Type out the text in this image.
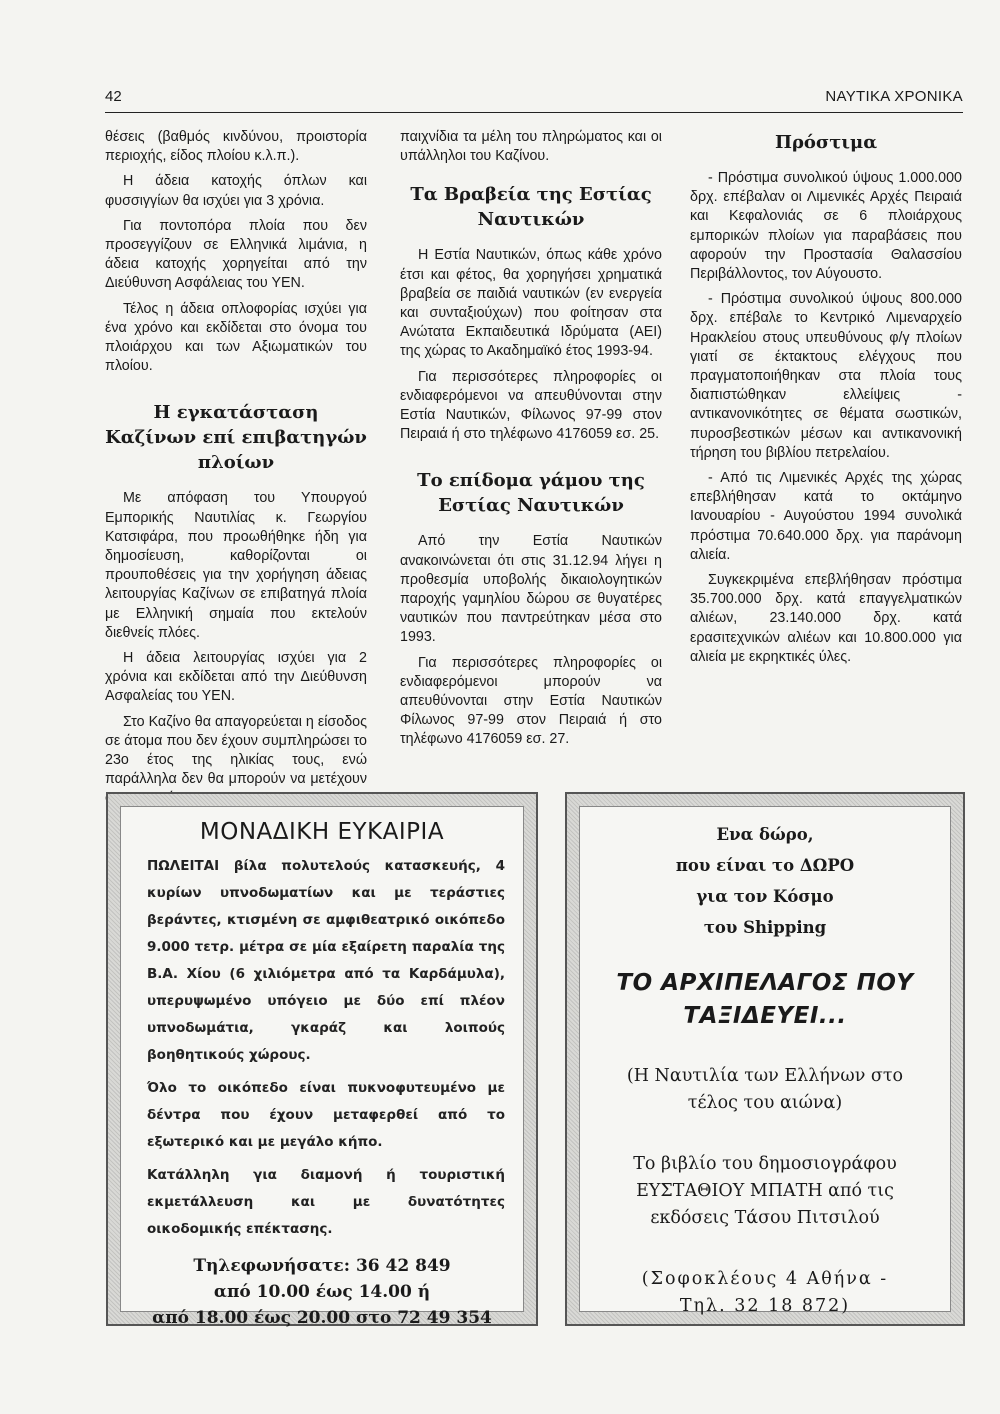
42	ΝΑΥΤΙΚΑ ΧΡΟΝΙΚΑ

θέσεις (βαθμός κινδύνου, προιστορία περιοχής, είδος πλοίου κ.λ.π.).

Η άδεια κατοχής όπλων και φυσσιγγίων θα ισχύει για 3 χρόνια.

Για ποντοπόρα πλοία που δεν προσεγγίζουν σε Ελληνικά λιμάνια, η άδεια κατοχής χορηγείται από την Διεύθυνση Ασφάλειας του ΥΕΝ.

Τέλος η άδεια οπλοφορίας ισχύει για ένα χρόνο και εκδίδεται στο όνομα του πλοιάρχου και των Αξιωματικών του πλοίου.

Η εγκατάσταση Καζίνων επί επιβατηγών πλοίων

Με απόφαση του Υπουργού Εμπορικής Ναυτιλίας κ. Γεωργίου Κατσιφάρα, που προωθήθηκε ήδη για δημοσίευση, καθορίζονται οι προυποθέσεις για την χορήγηση άδειας λειτουργίας Καζίνων σε επιβατηγά πλοία με Ελληνική σημαία που εκτελούν διεθνείς πλόες.

Η άδεια λειτουργίας ισχύει για 2 χρόνια και εκδίδεται από την Διεύθυνση Ασφαλείας του ΥΕΝ.

Στο Καζίνο θα απαγορεύεται η είσοδος σε άτομα που δεν έχουν συμπληρώσει το 23ο έτος της ηλικίας τους, ενώ παράλληλα δεν θα μπορούν να μετέχουν

παιχνίδια τα μέλη του πληρώματος και οι υπάλληλοι του Καζίνου.

Τα Βραβεία της Εστίας Ναυτικών

Η Εστία Ναυτικών, όπως κάθε χρόνο έτσι και φέτος, θα χορηγήσει χρηματικά βραβεία σε παιδιά ναυτικών (εν ενεργεία και συνταξιούχων) που φοίτησαν στα Ανώτατα Εκπαιδευτικά Ιδρύματα (ΑΕΙ) της χώρας το Ακαδημαϊκό έτος 1993-94.

Για περισσότερες πληροφορίες οι ενδιαφερόμενοι να απευθύνονται στην Εστία Ναυτικών, Φίλωνος 97-99 στον Πειραιά ή στο τηλέφωνο 4176059 εσ. 25.

Το επίδομα γάμου της Εστίας Ναυτικών

Από την Εστία Ναυτικών ανακοινώνεται ότι στις 31.12.94 λήγει η προθεσμία υποβολής δικαιολογητικών παροχής γαμηλίου δώρου σε θυγατέρες ναυτικών που παντρεύτηκαν μέσα στο 1993.

Για περισσότερες πληροφορίες οι ενδιαφερόμενοι μπορούν να απευθύνονται στην Εστία Ναυτικών Φίλωνος 97-99 στον Πειραιά ή στο τηλέφωνο 4176059 εσ. 27.

Πρόστιμα

- Πρόστιμα συνολικού ύψους 1.000.000 δρχ. επέβαλαν οι Λιμενικές Αρχές Πειραιά και Κεφαλονιάς σε 6 πλοιάρχους εμπορικών πλοίων για παραβάσεις που αφορούν την Προστασία Θαλασσίου Περιβάλλοντος, τον Αύγουστο.

- Πρόστιμα συνολικού ύψους 800.000 δρχ. επέβαλε το Κεντρικό Λιμεναρχείο Ηρακλείου στους υπευθύνους φ/γ πλοίων γιατί σε έκτακτους ελέγχους που πραγματοποιήθηκαν στα πλοία τους διαπιστώθηκαν ελλείψεις - αντικανονικότητες σε θέματα σωστικών, πυροσβεστικών μέσων και αντικανονική τήρηση του βιβλίου πετρελαίου.

- Από τις Λιμενικές Αρχές της χώρας επεβλήθησαν κατά το οκτάμηνο Ιανουαρίου - Αυγούστου 1994 συνολικά πρόστιμα 70.640.000 δρχ. για παράνομη αλιεία.

Συγκεκριμένα επεβλήθησαν πρόστιμα 35.700.000 δρχ. κατά επαγγελματικών αλιέων, 23.140.000 δρχ. κατά ερασιτεχνικών αλιέων και 10.800.000 για αλιεία με εκρηκτικές ύλες.

ΜΟΝΑΔΙΚΗ ΕΥΚΑΙΡΙΑ

ΠΩΛΕΙΤΑΙ βίλα πολυτελούς κατασκευής, 4 κυρίων υπνοδωματίων και με τεράστιες βεράντες, κτισμένη σε αμφιθεατρικό οικόπεδο 9.000 τετρ. μέτρα σε μία εξαίρετη παραλία της Β.Α. Χίου (6 χιλιόμετρα από τα Καρδάμυλα), υπερυψωμένο υπόγειο με δύο επί πλέον υπνοδωμάτια, γκαράζ και λοιπούς βοηθητικούς χώρους.

Όλο το οικόπεδο είναι πυκνοφυτευμένο με δέντρα που έχουν μεταφερθεί από το εξωτερικό και με μεγάλο κήπο.

Κατάλληλη για διαμονή ή τουριστική εκμετάλλευση και με δυνατότητες οικοδομικής επέκτασης.

Τηλεφωνήσατε: 36 42 849
από 10.00 έως 14.00 ή
από 18.00 έως 20.00 στο 72 49 354
Ενα δώρο,
που είναι το ΔΩΡΟ
για τον Κόσμο
του Shipping
ΤΟ ΑΡΧΙΠΕΛΑΓΟΣ ΠΟΥ
ΤΑΞΙΔΕΥΕΙ...
(Η Ναυτιλία των Ελλήνων στο τέλος του αιώνα)
Το βιβλίο του δημοσιογράφου ΕΥΣΤΑΘΙΟΥ ΜΠΑΤΗ από τις εκδόσεις Τάσου Πιτσιλού
(Σοφοκλέους 4 Αθήνα -
Τηλ. 32 18 872)
